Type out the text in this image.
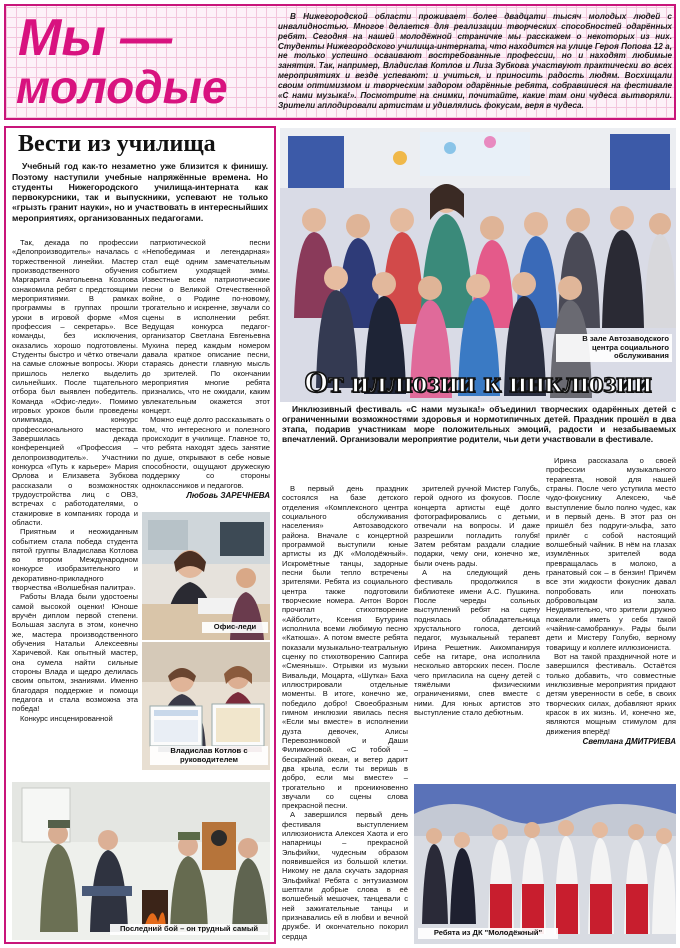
Мы —
молодые
В Нижегородской области проживает более двадцати тысяч молодых людей с инвалидностью. Многое делается для реализации творческих способностей одарённых ребят. Сегодня на нашей молодёжной страничке мы расскажем о некоторых из них. Студенты Нижегородского училища-интерната, что находится на улице Героя Попова 12 а, не только успешно осваивают востребованные профессии, но и находят любимые занятия. Так, например, Владислав Котлов и Лиза Зубкова участвуют практически во всех мероприятиях и везде успевают: и учиться, и приносить радость людям. Восхищали своим оптимизмом и творческим задором одарённые ребята, собравшиеся на фестивале «С нами музыка!». Посмотрите на снимки, почитайте, какие там они чудеса вытворяли. Зрители аплодировали артистам и удивлялись фокусам, веря в чудеса.
Вести из училища

Учебный год как-то незаметно уже близится к финишу. Поэтому наступили учебные напряжённые времена. Но студенты Нижегородского училища-интерната как первокурсники, так и выпускники, успевают не только «грызть гранит науки», но и участвовать в интересныйших мероприятиях, организованных педагогами.

Так, декада по профессии «Делопроизводитель» началась с торжественной линейки. Мастер производственного обучения Маргарита Анатольевна Козлова ознакомила ребят с предстоящими мероприятиями. В рамках программы в группах прошли уроки в игровой форме «Моя профессия – секретарь». Все команды, без исключения, оказались хорошо подготовлены. Студенты быстро и чётко отвечали на самые сложные вопросы. Жюри пришлось нелегко выделить сильнейших. После тщательного отбора был выявлен победитель. Команда «Офис-леди». Помимо игровых уроков были проведены олимпиада, конкурс профессионального мастерства. Завершилась декада конференцией «Профессия – делопроизводитель». Участники конкурса «Путь к карьере» Мария Орлова и Елизавета Зубкова рассказали о возможностях трудоустройства лиц с ОВЗ, встречах с работодателями, о стажировке в компаниях города и области.

Приятным и неожиданным событием стала победа студента пятой группы Владислава Котлова во втором Международном конкурсе изобразительного и декоративно-прикладного творчества «Волшебная палитра».

Работы Влада были удостоены самой высокой оценки! Юноше вручён диплом первой степени. Большая заслуга в этом, конечно же, мастера производственного обучения Натальи Алексеевны Харичевой. Как опытный мастер, она сумела найти сильные стороны Влада и щедро делилась своим опытом, знаниями. Именно благодаря поддержке и помощи педагога и стала возможна эта победа!

Конкурс инсценированной

патриотической песни «Непобедимая и легендарная» стал ещё одним замечательным событием уходящей зимы. Известные всем патриотические песни о Великой Отечественной войне, о Родине по-новому, трогательно и искренне, звучали со сцены в исполнении ребят. Ведущая конкурса педагог-организатор Светлана Евгеньевна Мухина перед каждым номером давала краткое описание песни, стараясь донести главную мысль до зрителей. По окончании мероприятия многие ребята признались, что не ожидали, каким увлекательным окажется этот концерт.

Можно ещё долго рассказывать о том, что интересного и полезного происходит в училище. Главное то, что ребята находят здесь занятие по душе, открывают в себе новые способности, ощущают дружескую поддержку со стороны одноклассников и педагогов.

Любовь ЗАРЕЧНЕВА
Офис-леди
Владислав Котлов с руководителем
Последний бой – он трудный самый
В зале Автозаводского центра социального обслуживания
От иллюзии к инклюзии

Инклюзивный фестиваль «С нами музыка!» объединил творческих одарённых детей с ограниченными возможностями здоровья и нормотипичных детей. Праздник прошёл в два этапа, подарив участникам море положительных эмоций, радости и незабываемых впечатлений. Организовали мероприятие родители, чьи дети участвовали в фестивале.

В первый день праздник состоялся на базе детского отделения «Комплексного центра социального обслуживания населения» Автозаводского района. Вначале с концертной программой выступили юные артисты из ДК «Молодёжный». Искромётные танцы, задорные песни были тепло встречены зрителями. Ребята из социального центра также подготовили творческие номера. Антон Ворон прочитал стихотворение «Айболит», Ксения Бутурина исполнила всеми любимую песню «Катюша». А потом вместе ребята показали музыкально-театральную сценку по стихотворению Сапгира «Смеяныш». Отрывки из музыки Вивальди, Моцарта, «Шутка» Баха иллюстрировали отдельные моменты. В итоге, конечно же, победило добро! Своеобразным гимном инклюзии явилась песня «Если мы вместе» в исполнении дузта девочек, Алисы Перевозниковой и Даши Филимоновой. «С тобой – бескрайний океан, и ветер дарит два крыла, если ты веришь в добро, если мы вместе» – трогательно и проникновенно звучали со сцены слова прекрасной песни.

А завершился первый день фестиваля выступлением иллюзиониста Алексея Хаота и его напарницы – прекрасной Эльфийки, чудесным образом появившейся из большой клетки. Никому не дала скучать задорная Эльфийка! Ребята с энтузиазмом шептали добрые слова в её волшебный мешочек, танцевали с ней зажигательные танцы и признавались ей в любви и вечной дружбе. И окончательно покорил сердца

зрителей ручной Мистер Голубь, герой одного из фокусов. После концерта артисты ещё долго фотографировались с детьми, отвечали на вопросы. И даже разрешили погладить голубя! Затем ребятам раздали сладкие подарки, чему они, конечно же, были очень рады.

А на следующий день фестиваль продолжился в библиотеке имени А.С. Пушкина. После череды сольных выступлений ребят на сцену поднялась обладательница хрустального голоса, детский педагог, музыкальный терапевт Ирина Решетник. Аккомпанируя себе на гитаре, она исполнила несколько авторских песен. После чего пригласила на сцену детей с тяжёлыми физическими ограничениями, спев вместе с ними. Для юных артистов это выступление стало дебютным.

Ирина рассказала о своей профессии музыкального терапевта, новой для нашей страны. После чего уступила место чудо-фокуснику Алексею, чьё выступление было полно чудес, как и в первый день. В этот раз он пришёл без подруги-эльфа, зато прилёг с собой настоящий волшебный чайник. В нём на глазах изумлённых зрителей вода превращалась в молоко, а гранатовый сок – в бензин! Причём все эти жидкости фокусник давал попробовать или понюхать добровольцам из зала. Неудивительно, что зрители дружно пожелали иметь у себя такой «чайник-самобранку». Рады были дети и Мистеру Голубю, верному товарищу и коллеге иллюзиониста.

Вот на такой праздничной ноте и завершился фестиваль. Остаётся только добавить, что совместные инклюзивные мероприятия придают детям уверенности в себе, в своих творческих силах, добавляют ярких красок в их жизнь. И, конечно же, являются мощным стимулом для движения вперёд!

Светлана ДМИТРИЕВА
Ребята из ДК "Молодёжный"
